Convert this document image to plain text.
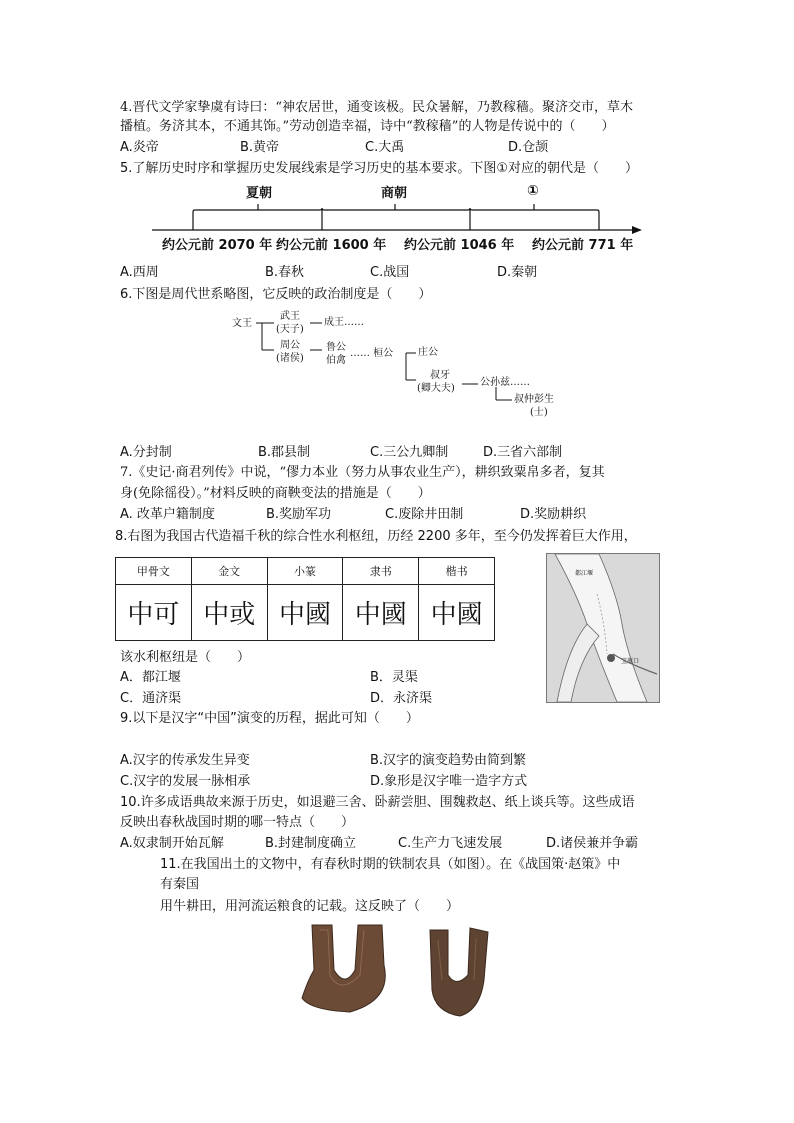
4.晋代文学家挚虞有诗曰：“神农居世，通变该极。民众暑解，乃教稼穑。聚济交市，草木
播植。务济其本，不通其饰。”劳动创造幸福，诗中“教稼穑”的人物是传说中的（　　）
A.炎帝	B.黄帝	C.大禹	D.仓颉
5.了解历史时序和掌握历史发展线索是学习历史的基本要求。下图①对应的朝代是（　　）
夏朝	商朝	①
约公元前 2070 年 约公元前 1600 年 约公元前 1046 年 约公元前 771 年
A.西周	B.春秋	C.战国	D.秦朝
6.下图是周代世系略图，它反映的政治制度是（　　）
文王
武王
(天子)
成王……
周公
(诸侯)
鲁公
伯禽
…… 桓公 庄公
叔牙
(卿大夫)
公孙兹……
叔仲彭生
(士)
A.分封制	B.郡县制	C.三公九卿制	D.三省六部制
7.《史记·商君列传》中说，“僇力本业（努力从事农业生产），耕织致粟帛多者，复其
身(免除徭役）。”材料反映的商鞅变法的措施是（　　）
A. 改革户籍制度	B.奖励军功	C.废除井田制	D.奖励耕织
8.右图为我国古代造福千秋的综合性水利枢纽，历经 2200 多年，至今仍发挥着巨大作用，
甲骨文	金文	小篆	隶书	楷书
中可	中或	中國	中國	中國
都江堰
宝瓶口
该水利枢纽是（　　）
A．都江堰	B．灵渠
C．通济渠	D．永济渠
9.以下是汉字“中国”演变的历程，据此可知（　　）
A.汉字的传承发生异变	B.汉字的演变趋势由简到繁
C.汉字的发展一脉相承	D.象形是汉字唯一造字方式
10.许多成语典故来源于历史，如退避三舍、卧薪尝胆、围魏救赵、纸上谈兵等。这些成语
反映出春秋战国时期的哪一特点（　　）
A.奴隶制开始瓦解	B.封建制度确立	C.生产力飞速发展	D.诸侯兼并争霸
11.在我国出土的文物中，有春秋时期的铁制农具（如图）。在《战国策·赵策》中
有秦国
用牛耕田，用河流运粮食的记载。这反映了（　　）
